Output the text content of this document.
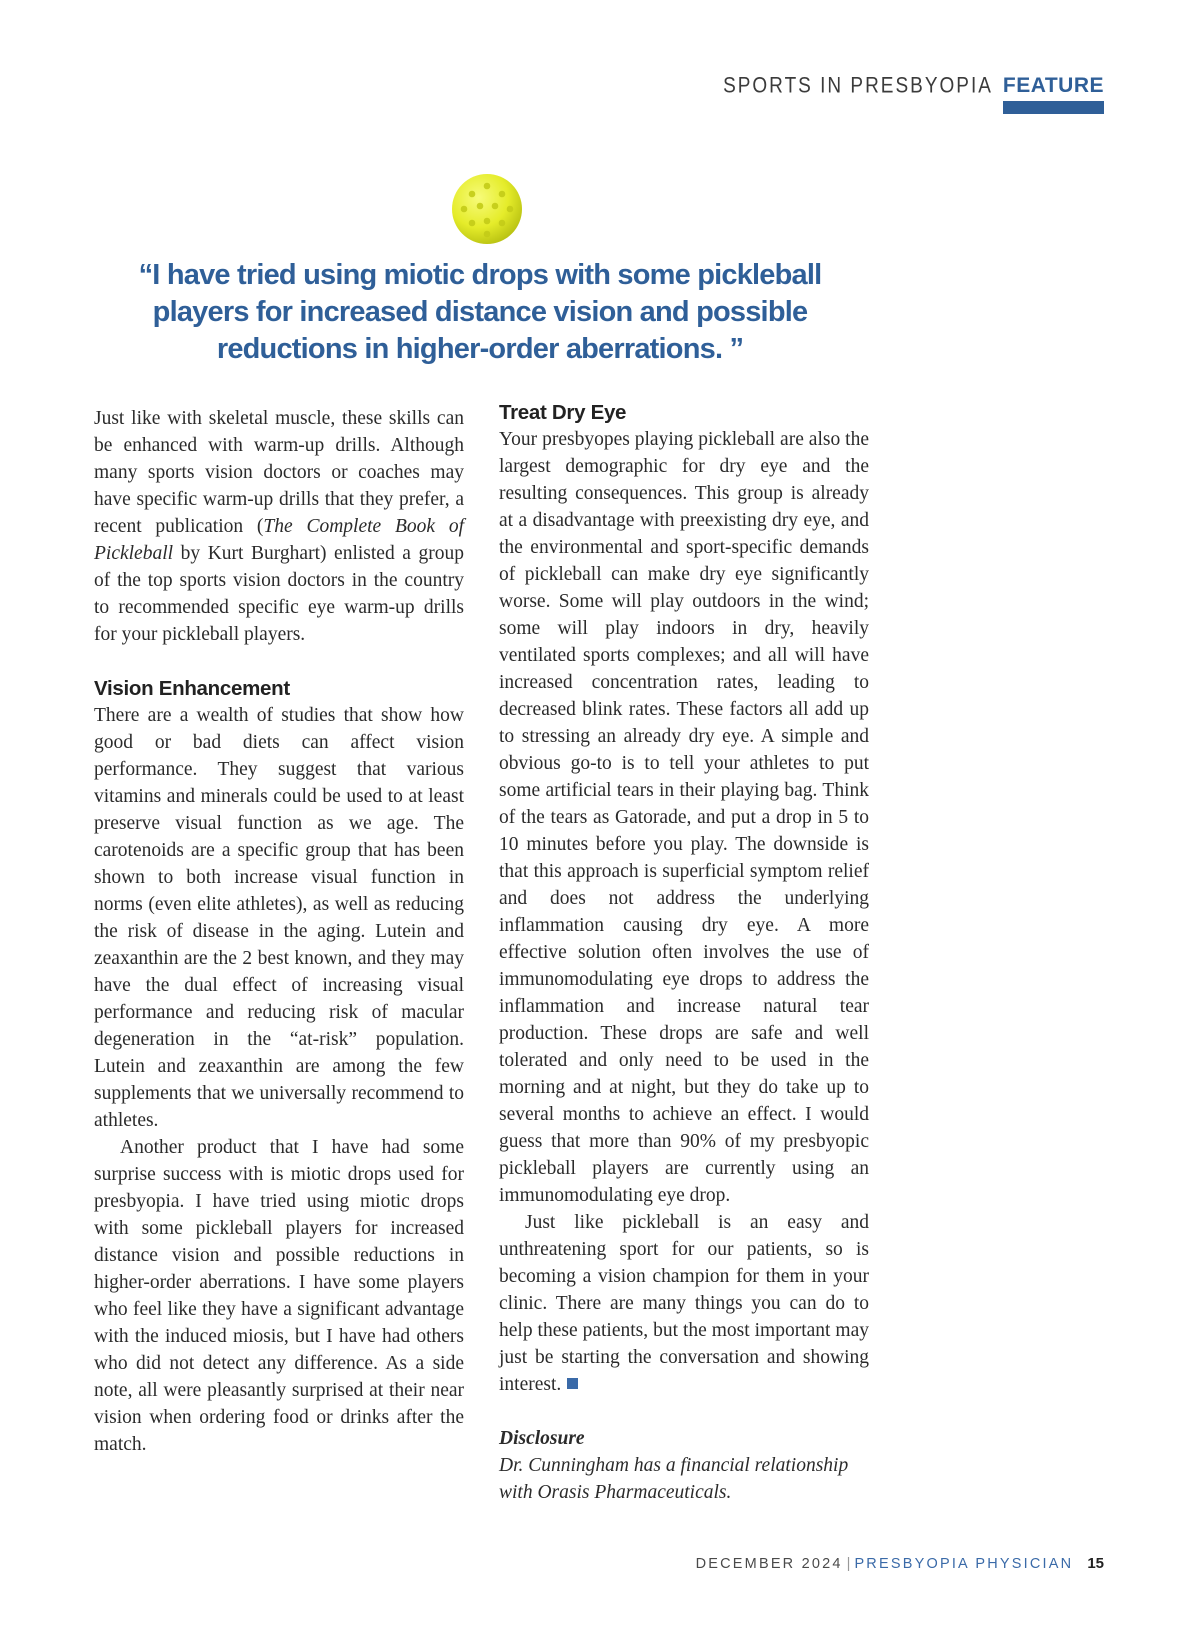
SPORTS IN PRESBYOPIA FEATURE
“I have tried using miotic drops with some pickleball players for increased distance vision and possible reductions in higher-order aberrations. ”

Just like with skeletal muscle, these skills can be enhanced with warm-up drills. Although many sports vision doctors or coaches may have specific warm-up drills that they prefer, a recent publication (The Complete Book of Pickleball by Kurt Burghart) enlisted a group of the top sports vision doctors in the country to recommended specific eye warm-up drills for your pickleball players.

Vision Enhancement

There are a wealth of studies that show how good or bad diets can affect vision performance. They suggest that various vitamins and minerals could be used to at least preserve visual function as we age. The carotenoids are a specific group that has been shown to both increase visual function in norms (even elite athletes), as well as reducing the risk of disease in the aging. Lutein and zeaxanthin are the 2 best known, and they may have the dual effect of increasing visual performance and reducing risk of macular degeneration in the “at-risk” population. Lutein and zeaxanthin are among the few supplements that we universally recommend to athletes.

Another product that I have had some surprise success with is miotic drops used for presbyopia. I have tried using miotic drops with some pickleball players for increased distance vision and possible reductions in higher-order aberrations. I have some players who feel like they have a significant advantage with the induced miosis, but I have had others who did not detect any difference. As a side note, all were pleasantly surprised at their near vision when ordering food or drinks after the match.

Treat Dry Eye

Your presbyopes playing pickleball are also the largest demographic for dry eye and the resulting consequences. This group is already at a disadvantage with preexisting dry eye, and the environmental and sport-specific demands of pickleball can make dry eye significantly worse. Some will play outdoors in the wind; some will play indoors in dry, heavily ventilated sports complexes; and all will have increased concentration rates, leading to decreased blink rates. These factors all add up to stressing an already dry eye. A simple and obvious go-to is to tell your athletes to put some artificial tears in their playing bag. Think of the tears as Gatorade, and put a drop in 5 to 10 minutes before you play. The downside is that this approach is superficial symptom relief and does not address the underlying inflammation causing dry eye. A more effective solution often involves the use of immunomodulating eye drops to address the inflammation and increase natural tear production. These drops are safe and well tolerated and only need to be used in the morning and at night, but they do take up to several months to achieve an effect. I would guess that more than 90% of my presbyopic pickleball players are currently using an immunomodulating eye drop.

Just like pickleball is an easy and unthreatening sport for our patients, so is becoming a vision champion for them in your clinic. There are many things you can do to help these patients, but the most important may just be starting the conversation and showing interest.

Disclosure
Dr. Cunningham has a financial relationship with Orasis Pharmaceuticals.
DECEMBER 2024 | PRESBYOPIA PHYSICIAN 15
